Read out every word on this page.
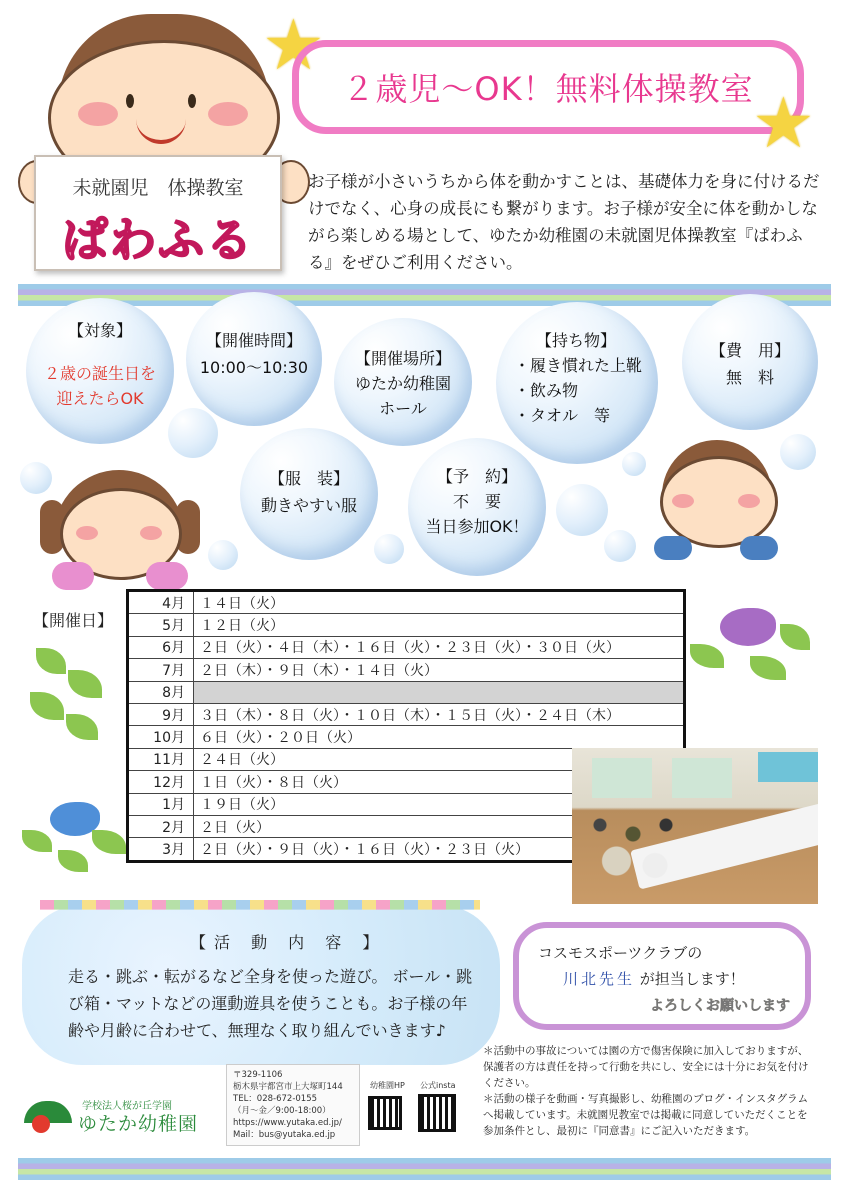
未就園児　体操教室
ぱわふる
★
２歳児〜OK！無料体操教室
★
お子様が小さいうちから体を動かすことは、基礎体力を身に付けるだけでなく、心身の成長にも繋がります。お子様が安全に体を動かしながら楽しめる場として、ゆたか幼稚園の未就園児体操教室『ぱわふる』をぜひご利用ください。
【対象】
２歳の誕生日を
迎えたらOK
【開催時間】
10:00〜10:30	【開催場所】
ゆたか幼稚園
ホール
【持ち物】
・履き慣れた上靴
・飲み物
・タオル　等
【費　用】
無　料
【服　装】
動きやすい服
【予　約】
不　要
当日参加OK！
【開催日】
4月	１４日（火）
5月	１２日（火）
6月	２日（火）・４日（木）・１６日（火）・２３日（火）・３０日（火）
7月	２日（木）・９日（木）・１４日（火）
8月	
9月	３日（木）・８日（火）・１０日（木）・１５日（火）・２４日（木）
10月	６日（火）・２０日（火）
11月	２４日（火）
12月	１日（火）・８日（火）
1月	１９日（火）
2月	２日（火）
3月	２日（火）・９日（火）・１６日（火）・２３日（火）
【活 動 内 容 】
走る・跳ぶ・転がるなど全身を使った遊び。 ボール・跳び箱・マットなどの運動遊具を使うことも。お子様の年齢や月齢に合わせて、無理なく取り組んでいきます♪
コスモスポーツクラブの
川北先生 が担当します！
よろしくお願いします
＊活動中の事故については園の方で傷害保険に加入しておりますが、保護者の方は責任を持って行動を共にし、安全には十分にお気を付けください。
＊活動の様子を動画・写真撮影し、幼稚園のブログ・インスタグラムへ掲載しています。未就園児教室では掲載に同意していただくことを参加条件とし、最初に『同意書』にご記入いただきます。
学校法人桜が丘学園
ゆたか幼稚園
〒329-1106
栃木県宇都宮市上大塚町144
TEL：028-672-0155
（月〜金／9:00-18:00）
https://www.yutaka.ed.jp/
Mail：bus@yutaka.ed.jp
幼稚園HP 公式insta
